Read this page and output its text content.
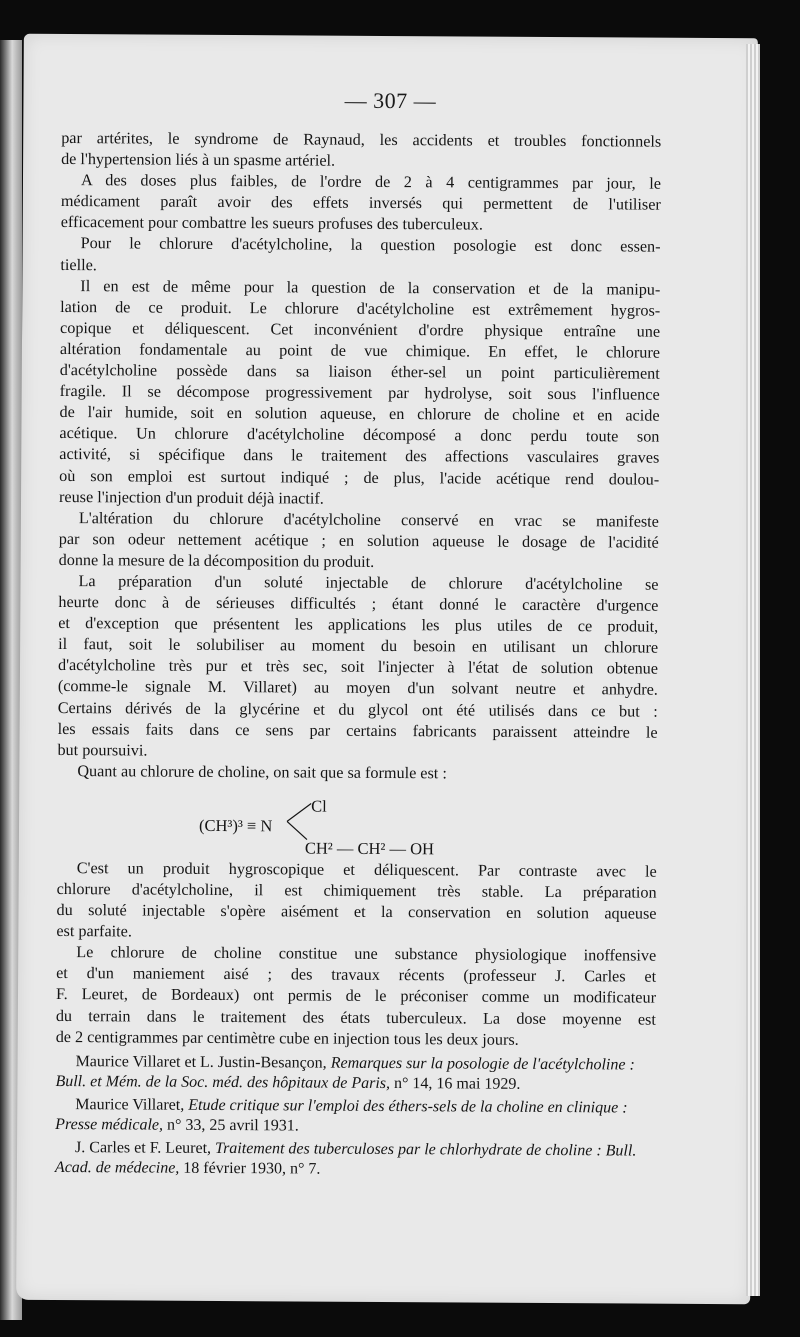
— 307 —

par artérites, le syndrome de Raynaud, les accidents et troubles fonctionnels
de l'hypertension liés à un spasme artériel.

A des doses plus faibles, de l'ordre de 2 à 4 centigrammes par jour, le
médicament paraît avoir des effets inversés qui permettent de l'utiliser
efficacement pour combattre les sueurs profuses des tuberculeux.

Pour le chlorure d'acétylcholine, la question posologie est donc essen-
tielle.

Il en est de même pour la question de la conservation et de la manipu-
lation de ce produit. Le chlorure d'acétylcholine est extrêmement hygros-
copique et déliquescent. Cet inconvénient d'ordre physique entraîne une
altération fondamentale au point de vue chimique. En effet, le chlorure
d'acétylcholine possède dans sa liaison éther-sel un point particulièrement
fragile. Il se décompose progressivement par hydrolyse, soit sous l'influence
de l'air humide, soit en solution aqueuse, en chlorure de choline et en acide
acétique. Un chlorure d'acétylcholine décomposé a donc perdu toute son
activité, si spécifique dans le traitement des affections vasculaires graves
où son emploi est surtout indiqué ; de plus, l'acide acétique rend doulou-
reuse l'injection d'un produit déjà inactif.

L'altération du chlorure d'acétylcholine conservé en vrac se manifeste
par son odeur nettement acétique ; en solution aqueuse le dosage de l'acidité
donne la mesure de la décomposition du produit.

La préparation d'un soluté injectable de chlorure d'acétylcholine se
heurte donc à de sérieuses difficultés ; étant donné le caractère d'urgence
et d'exception que présentent les applications les plus utiles de ce produit,
il faut, soit le solubiliser au moment du besoin en utilisant un chlorure
d'acétylcholine très pur et très sec, soit l'injecter à l'état de solution obtenue
(comme-le signale M. Villaret) au moyen d'un solvant neutre et anhydre.
Certains dérivés de la glycérine et du glycol ont été utilisés dans ce but :
les essais faits dans ce sens par certains fabricants paraissent atteindre le
but poursuivi.

Quant au chlorure de choline, on sait que sa formule est :

(CH³)³ ≡ N
Cl
CH² — CH² — OH

C'est un produit hygroscopique et déliquescent. Par contraste avec le
chlorure d'acétylcholine, il est chimiquement très stable. La préparation
du soluté injectable s'opère aisément et la conservation en solution aqueuse
est parfaite.

Le chlorure de choline constitue une substance physiologique inoffensive
et d'un maniement aisé ; des travaux récents (professeur J. Carles et
F. Leuret, de Bordeaux) ont permis de le préconiser comme un modificateur
du terrain dans le traitement des états tuberculeux. La dose moyenne est
de 2 centigrammes par centimètre cube en injection tous les deux jours.

Maurice Villaret et L. Justin-Besançon, Remarques sur la posologie de l'acétylcholine : Bull. et Mém. de la Soc. méd. des hôpitaux de Paris, n° 14, 16 mai 1929.

Maurice Villaret, Etude critique sur l'emploi des éthers-sels de la choline en clinique : Presse médicale, n° 33, 25 avril 1931.

J. Carles et F. Leuret, Traitement des tuberculoses par le chlorhydrate de choline : Bull. Acad. de médecine, 18 février 1930, n° 7.
